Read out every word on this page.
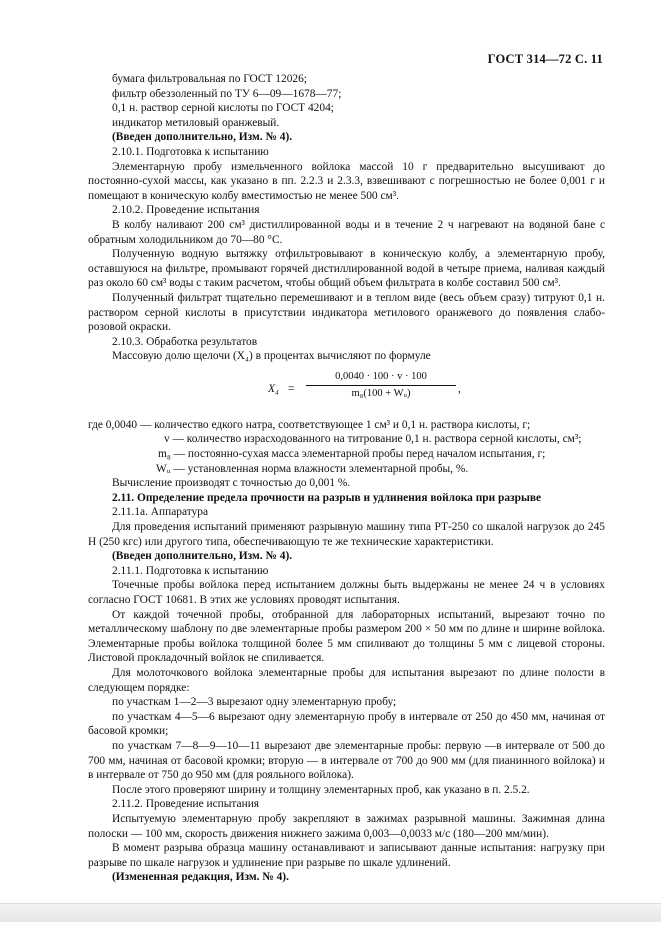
ГОСТ 314—72 С. 11

бумага фильтровальная по ГОСТ 12026;

фильтр обеззоленный по ТУ 6—09—1678—77;

0,1 н. раствор серной кислоты по ГОСТ 4204;

индикатор метиловый оранжевый.

(Введен дополнительно, Изм. № 4).

2.10.1. Подготовка к испытанию

Элементарную пробу измельченного войлока массой 10 г предварительно высушивают до постоянно-сухой массы, как указано в пп. 2.2.3 и 2.3.3, взвешивают с погрешностью не более 0,001 г и помещают в коническую колбу вместимостью не менее 500 см³.

2.10.2. Проведение испытания

В колбу наливают 200 см³ дистиллированной воды и в течение 2 ч нагревают на водяной бане с обратным холодильником до 70—80 °С.

Полученную водную вытяжку отфильтровывают в коническую колбу, а элементарную пробу, оставшуюся на фильтре, промывают горячей дистиллированной водой в четыре приема, наливая каждый раз около 60 см³ воды с таким расчетом, чтобы общий объем фильтрата в колбе составил 500 см³.

Полученный фильтрат тщательно перемешивают и в теплом виде (весь объем сразу) титруют 0,1 н. раствором серной кислоты в присутствии индикатора метилового оранжевого до появления слабо-розовой окраски.

2.10.3. Обработка результатов

Массовую долю щелочи (X₄) в процентах вычисляют по формуле

$X_4 = \frac{0,0040 \cdot 100 \cdot v \cdot 100}{\text{m₈(100 + Wᵤ)}}$ ,

где 0,0040 — количество едкого натра, соответствующее 1 см³ и 0,1 н. раствора кислоты, г;

v — количество израсходованного на титрование 0,1 н. раствора серной кислоты, см³;

m₈ — постоянно-сухая масса элементарной пробы перед началом испытания, г;

Wᵤ — установленная норма влажности элементарной пробы, %.

Вычисление производят с точностью до 0,001 %.

2.11. Определение предела прочности на разрыв и удлинения войлока при разрыве

2.11.1а. Аппаратура

Для проведения испытаний применяют разрывную машину типа РТ-250 со шкалой нагрузок до 245 Н (250 кгс) или другого типа, обеспечивающую те же технические характеристики.

(Введен дополнительно, Изм. № 4).

2.11.1. Подготовка к испытанию

Точечные пробы войлока перед испытанием должны быть выдержаны не менее 24 ч в условиях согласно ГОСТ 10681. В этих же условиях проводят испытания.

От каждой точечной пробы, отобранной для лабораторных испытаний, вырезают точно по металлическому шаблону по две элементарные пробы размером 200 × 50 мм по длине и ширине войлока. Элементарные пробы войлока толщиной более 5 мм спиливают до толщины 5 мм с лицевой стороны. Листовой прокладочный войлок не спиливается.

Для молоточкового войлока элементарные пробы для испытания вырезают по длине полости в следующем порядке:

по участкам 1—2—3 вырезают одну элементарную пробу;

по участкам 4—5—6 вырезают одну элементарную пробу в интервале от 250 до 450 мм, начиная от басовой кромки;

по участкам 7—8—9—10—11 вырезают две элементарные пробы: первую —в интервале от 500 до 700 мм, начиная от басовой кромки; вторую — в интервале от 700 до 900 мм (для пианинного войлока) и в интервале от 750 до 950 мм (для рояльного войлока).

После этого проверяют ширину и толщину элементарных проб, как указано в п. 2.5.2.

2.11.2. Проведение испытания

Испытуемую элементарную пробу закрепляют в зажимах разрывной машины. Зажимная длина полоски — 100 мм, скорость движения нижнего зажима 0,003—0,0033 м/с (180—200 мм/мин).

В момент разрыва образца машину останавливают и записывают данные испытания: нагрузку при разрыве по шкале нагрузок и удлинение при разрыве по шкале удлинений.

(Измененная редакция, Изм. № 4).
